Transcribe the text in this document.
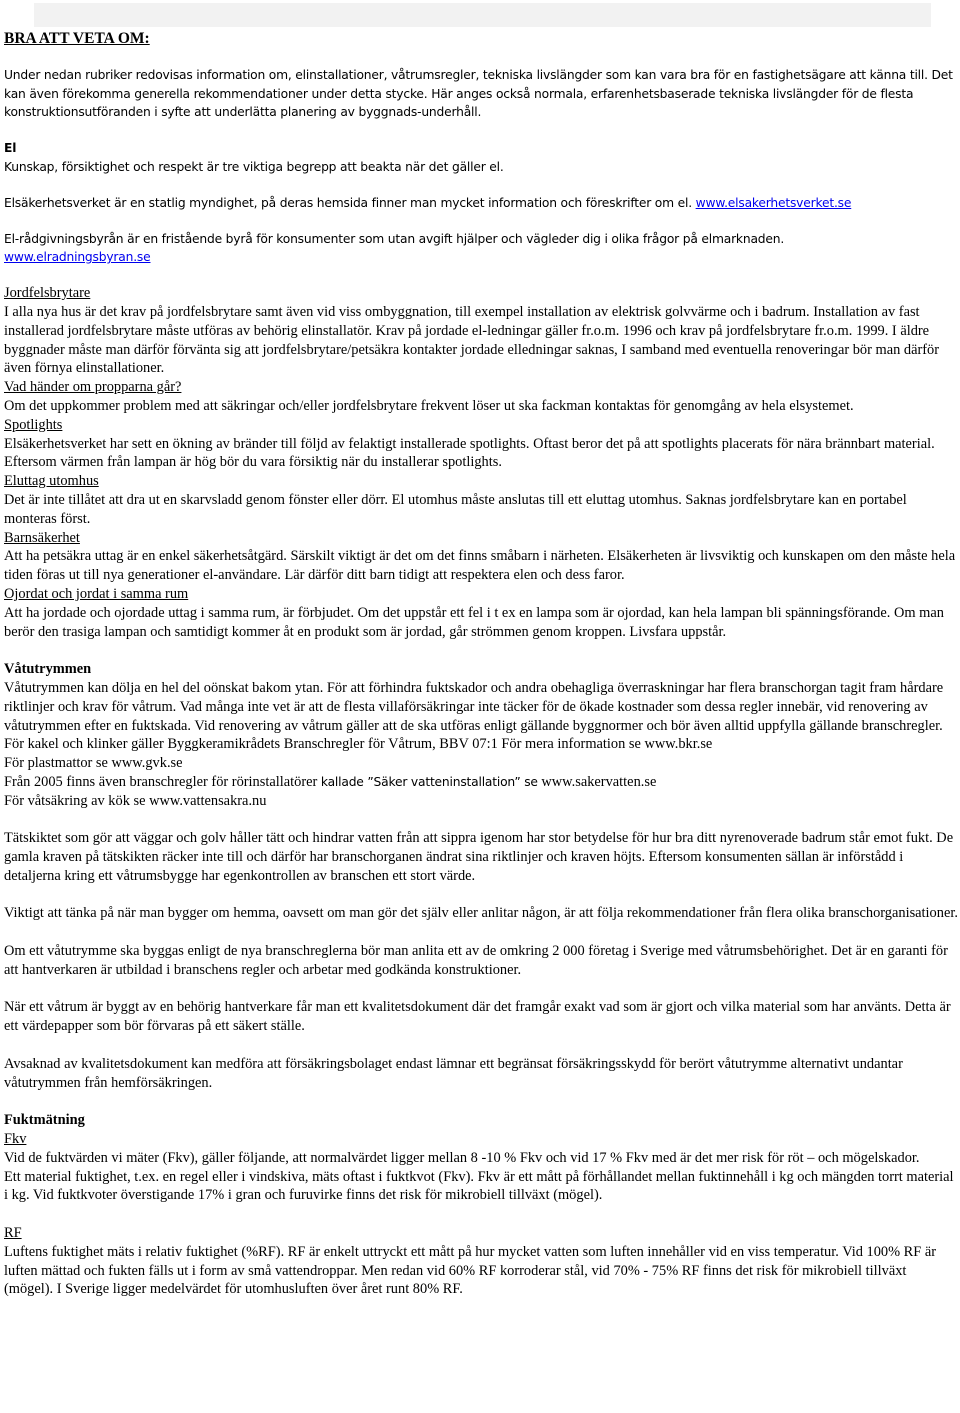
BRA ATT VETA OM:

Under nedan rubriker redovisas information om, elinstallationer, våtrumsregler, tekniska livslängder som kan vara bra för en fastighetsägare att känna till. Det kan även förekomma generella rekommendationer under detta stycke. Här anges också normala, erfarenhetsbaserade tekniska livslängder för de flesta konstruktionsutföranden i syfte att underlätta planering av byggnads-underhåll.

El

Kunskap, försiktighet och respekt är tre viktiga begrepp att beakta när det gäller el.

Elsäkerhetsverket är en statlig myndighet, på deras hemsida finner man mycket information och föreskrifter om el. www.elsakerhetsverket.se

El-rådgivningsbyrån är en fristående byrå för konsumenter som utan avgift hjälper och vägleder dig i olika frågor på elmarknaden.
www.elradningsbyran.se

Jordfelsbrytare

I alla nya hus är det krav på jordfelsbrytare samt även vid viss ombyggnation, till exempel installation av elektrisk golvvärme och i badrum. Installation av fast installerad jordfelsbrytare måste utföras av behörig elinstallatör. Krav på jordade el-ledningar gäller fr.o.m. 1996 och krav på jordfelsbrytare fr.o.m. 1999. I äldre byggnader måste man därför förvänta sig att jordfelsbrytare/petsäkra kontakter jordade elledningar saknas, I samband med eventuella renoveringar bör man därför även förnya elinstallationer.

Vad händer om propparna går?

Om det uppkommer problem med att säkringar och/eller jordfelsbrytare frekvent löser ut ska fackman kontaktas för genomgång av hela elsystemet.

Spotlights

Elsäkerhetsverket har sett en ökning av bränder till följd av felaktigt installerade spotlights. Oftast beror det på att spotlights placerats för nära brännbart material. Eftersom värmen från lampan är hög bör du vara försiktig när du installerar spotlights.

Eluttag utomhus

Det är inte tillåtet att dra ut en skarvsladd genom fönster eller dörr. El utomhus måste anslutas till ett eluttag utomhus. Saknas jordfelsbrytare kan en portabel monteras först.

Barnsäkerhet

Att ha petsäkra uttag är en enkel säkerhetsåtgärd. Särskilt viktigt är det om det finns småbarn i närheten. Elsäkerheten är livsviktig och kunskapen om den måste hela tiden föras ut till nya generationer el-användare. Lär därför ditt barn tidigt att respektera elen och dess faror.

Ojordat och jordat i samma rum

Att ha jordade och ojordade uttag i samma rum, är förbjudet. Om det uppstår ett fel i t ex en lampa som är ojordad, kan hela lampan bli spänningsförande. Om man berör den trasiga lampan och samtidigt kommer åt en produkt som är jordad, går strömmen genom kroppen. Livsfara uppstår.

Våtutrymmen

Våtutrymmen kan dölja en hel del oönskat bakom ytan. För att förhindra fuktskador och andra obehagliga överraskningar har flera branschorgan tagit fram hårdare riktlinjer och krav för våtrum. Vad många inte vet är att de flesta villaförsäkringar inte täcker för de ökade kostnader som dessa regler innebär, vid renovering av våtutrymmen efter en fuktskada. Vid renovering av våtrum gäller att de ska utföras enligt gällande byggnormer och bör även alltid uppfylla gällande branschregler.

För kakel och klinker gäller Byggkeramikrådets Branschregler för Våtrum, BBV 07:1 För mera information se www.bkr.se

För plastmattor se www.gvk.se

Från 2005 finns även branschregler för rörinstallatörer kallade ”Säker vatteninstallation” se www.sakervatten.se

För våtsäkring av kök se www.vattensakra.nu

Tätskiktet som gör att väggar och golv håller tätt och hindrar vatten från att sippra igenom har stor betydelse för hur bra ditt nyrenoverade badrum står emot fukt. De gamla kraven på tätskikten räcker inte till och därför har branschorganen ändrat sina riktlinjer och kraven höjts. Eftersom konsumenten sällan är införstådd i detaljerna kring ett våtrumsbygge har egenkontrollen av branschen ett stort värde.

Viktigt att tänka på när man bygger om hemma, oavsett om man gör det själv eller anlitar någon, är att följa rekommendationer från flera olika branschorganisationer.

Om ett våtutrymme ska byggas enligt de nya branschreglerna bör man anlita ett av de omkring 2 000 företag i Sverige med våtrumsbehörighet. Det är en garanti för att hantverkaren är utbildad i branschens regler och arbetar med godkända konstruktioner.

När ett våtrum är byggt av en behörig hantverkare får man ett kvalitetsdokument där det framgår exakt vad som är gjort och vilka material som har använts. Detta är ett värdepapper som bör förvaras på ett säkert ställe.

Avsaknad av kvalitetsdokument kan medföra att försäkringsbolaget endast lämnar ett begränsat försäkringsskydd för berört våtutrymme alternativt undantar våtutrymmen från hemförsäkringen.

Fuktmätning

Fkv

Vid de fuktvärden vi mäter (Fkv), gäller följande, att normalvärdet ligger mellan 8 -10 % Fkv och vid 17 % Fkv med är det mer risk för röt – och mögelskador.

Ett material fuktighet, t.ex. en regel eller i vindskiva, mäts oftast i fuktkvot (Fkv). Fkv är ett mått på förhållandet mellan fuktinnehåll i kg och mängden torrt material i kg. Vid fuktkvoter överstigande 17% i gran och furuvirke finns det risk för mikrobiell tillväxt (mögel).

RF

Luftens fuktighet mäts i relativ fuktighet (%RF). RF är enkelt uttryckt ett mått på hur mycket vatten som luften innehåller vid en viss temperatur. Vid 100% RF är luften mättad och fukten fälls ut i form av små vattendroppar. Men redan vid 60% RF korroderar stål, vid 70% - 75% RF finns det risk för mikrobiell tillväxt (mögel). I Sverige ligger medelvärdet för utomhusluften över året runt 80% RF.
